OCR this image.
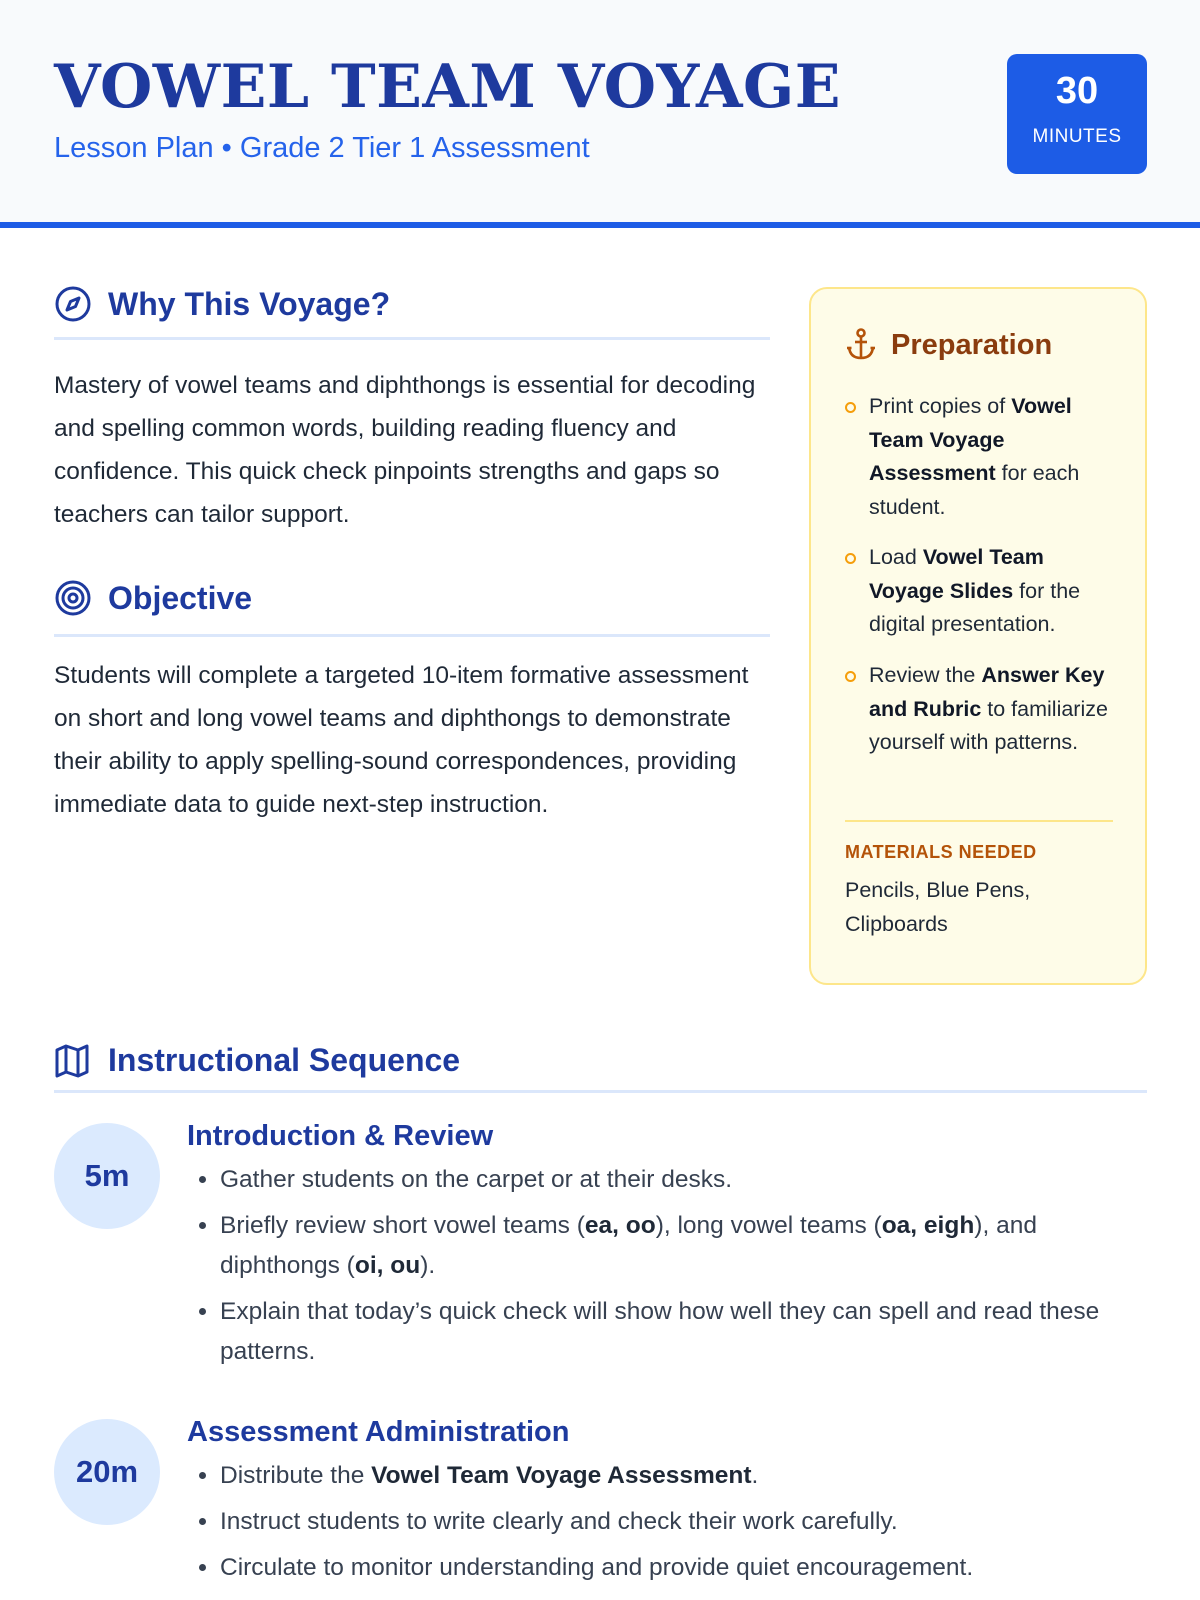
VOWEL TEAM VOYAGE
Lesson Plan • Grade 2 Tier 1 Assessment
30
MINUTES
Why This Voyage?
Mastery of vowel teams and diphthongs is essential for decoding and spelling common words, building reading fluency and confidence. This quick check pinpoints strengths and gaps so teachers can tailor support.
Objective
Students will complete a targeted 10-item formative assessment on short and long vowel teams and diphthongs to demonstrate their ability to apply spelling-sound correspondences, providing immediate data to guide next-step instruction.
Preparation
Print copies of Vowel Team Voyage Assessment for each student.
Load Vowel Team Voyage Slides for the digital presentation.
Review the Answer Key and Rubric to familiarize yourself with patterns.
MATERIALS NEEDED
Pencils, Blue Pens, Clipboards
Instructional Sequence
5m
Introduction & Review
• Gather students on the carpet or at their desks.
• Briefly review short vowel teams (ea, oo), long vowel teams (oa, eigh), and diphthongs (oi, ou).
• Explain that today’s quick check will show how well they can spell and read these patterns.
20m
Assessment Administration
• Distribute the Vowel Team Voyage Assessment.
• Instruct students to write clearly and check their work carefully.
• Circulate to monitor understanding and provide quiet encouragement.
